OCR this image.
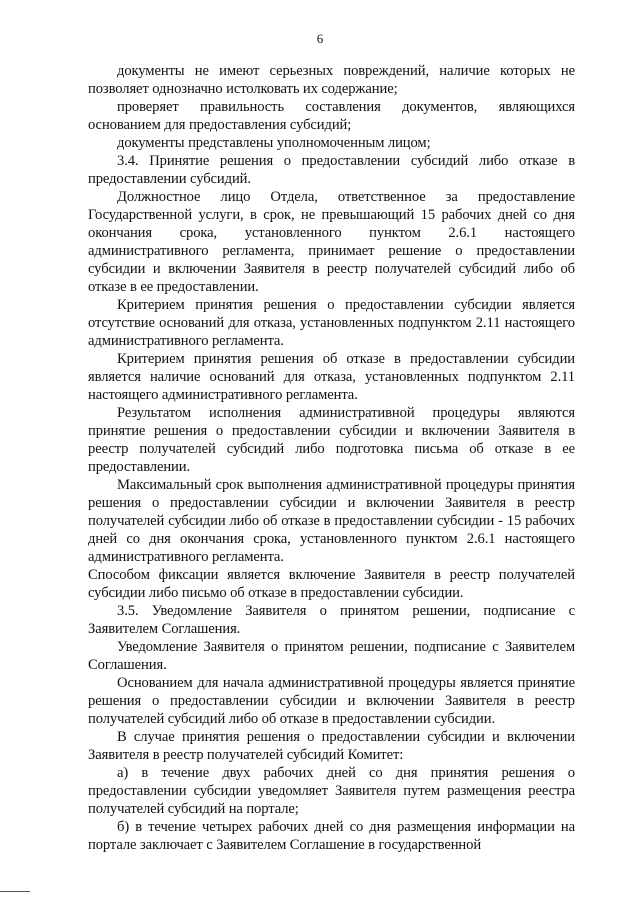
6

документы не имеют серьезных повреждений, наличие которых не позволяет однозначно истолковать их содержание;

проверяет правильность составления документов, являющихся основанием для предоставления субсидий;

документы представлены уполномоченным лицом;

3.4. Принятие решения о предоставлении субсидий либо отказе в предоставлении субсидий.

Должностное лицо Отдела, ответственное за предоставление Государственной услуги, в срок, не превышающий 15 рабочих дней со дня окончания срока, установленного пунктом 2.6.1 настоящего административного регламента, принимает решение о предоставлении субсидии и включении Заявителя в реестр получателей субсидий либо об отказе в ее предоставлении.

Критерием принятия решения о предоставлении субсидии является отсутствие оснований для отказа, установленных подпунктом 2.11 настоящего административного регламента.

Критерием принятия решения об отказе в предоставлении субсидии является наличие оснований для отказа, установленных подпунктом 2.11 настоящего административного регламента.

Результатом исполнения административной процедуры являются принятие решения о предоставлении субсидии и включении Заявителя в реестр получателей субсидий либо подготовка письма об отказе в ее предоставлении.

Максимальный срок выполнения административной процедуры принятия решения о предоставлении субсидии и включении Заявителя в реестр получателей субсидии либо об отказе в предоставлении субсидии - 15 рабочих дней со дня окончания срока, установленного пунктом 2.6.1 настоящего административного регламента.

Способом фиксации является включение Заявителя в реестр получателей субсидии либо письмо об отказе в предоставлении субсидии.

3.5. Уведомление Заявителя о принятом решении, подписание с Заявителем Соглашения.

Уведомление Заявителя о принятом решении, подписание с Заявителем Соглашения.

Основанием для начала административной процедуры является принятие решения о предоставлении субсидии и включении Заявителя в реестр получателей субсидий либо об отказе в предоставлении субсидии.

В случае принятия решения о предоставлении субсидии и включении Заявителя в реестр получателей субсидий Комитет:

а) в течение двух рабочих дней со дня принятия решения о предоставлении субсидии уведомляет Заявителя путем размещения реестра получателей субсидий на портале;

б) в течение четырех рабочих дней со дня размещения информации на портале заключает с Заявителем Соглашение в государственной
